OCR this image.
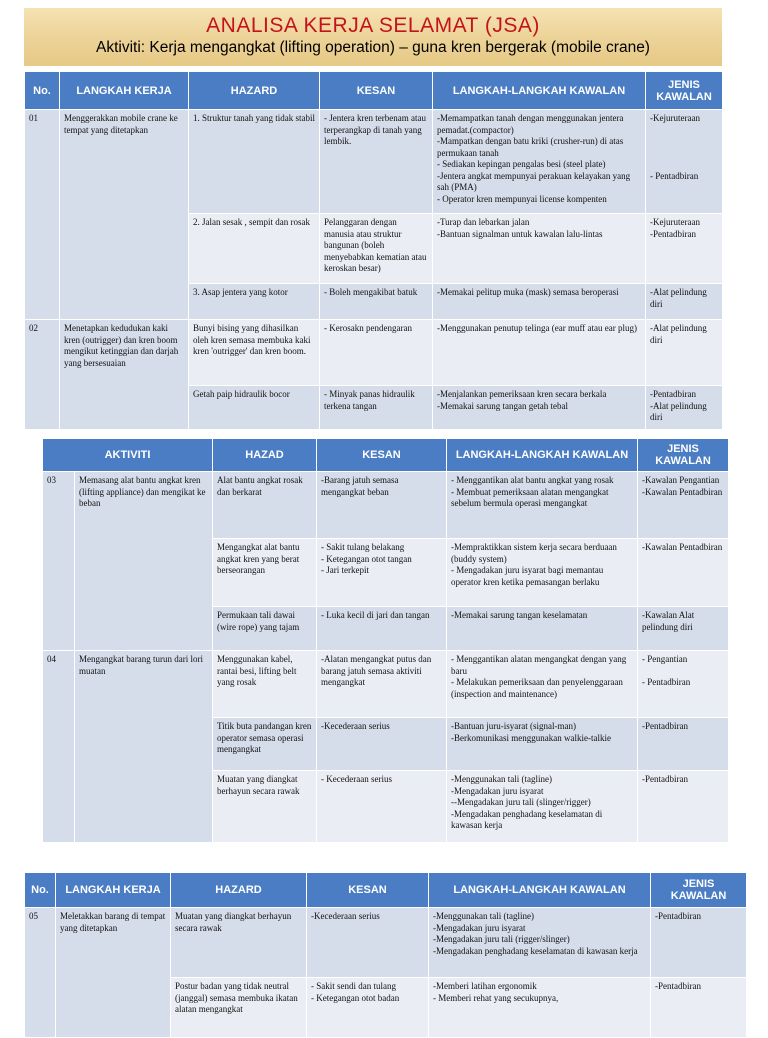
ANALISA KERJA SELAMAT (JSA)
Aktiviti: Kerja mengangkat (lifting operation) – guna kren bergerak (mobile crane)
No.	LANGKAH KERJA	HAZARD	KESAN	LANGKAH-LANGKAH KAWALAN	JENIS KAWALAN
01	Menggerakkan mobile crane ke tempat yang ditetapkan	1. Struktur tanah yang tidak stabil	- Jentera kren terbenam atau terperangkap di tanah yang lembik.	-Memampatkan tanah dengan menggunakan jentera pemadat.(compactor)
-Mampatkan dengan batu kriki (crusher-run) di atas permukaan tanah
- Sediakan kepingan pengalas besi (steel plate)
-Jentera angkat mempunyai perakuan kelayakan yang sah (PMA)
- Operator kren mempunyai license kompenten	-Kejuruteraan

- Pentadbiran
		2. Jalan sesak , sempit dan rosak	Pelanggaran dengan manusia atau struktur bangunan (boleh menyebabkan kematian atau keroskan besar)	-Turap dan lebarkan jalan
-Bantuan signalman untuk kawalan lalu-lintas	-Kejuruteraan
-Pentadbiran
		3. Asap jentera yang kotor	- Boleh mengakibat batuk	-Memakai pelitup muka (mask) semasa beroperasi	-Alat pelindung diri
02	Menetapkan kedudukan kaki kren (outrigger) dan kren boom mengikut ketinggian dan darjah yang bersesuaian	Bunyi bising yang dihasilkan oleh kren semasa membuka kaki kren 'outrigger' dan kren boom.	- Kerosakn pendengaran	-Menggunakan penutup telinga (ear muff atau ear plug)	-Alat pelindung diri
		Getah paip hidraulik bocor	- Minyak panas hidraulik terkena tangan	-Menjalankan pemeriksaan kren secara berkala
-Memakai sarung tangan getah tebal	-Pentadbiran
-Alat pelindung diri
AKTIVITI		HAZAD	KESAN	LANGKAH-LANGKAH KAWALAN	JENIS KAWALAN
03	Memasang alat bantu angkat kren (lifting appliance) dan mengikat ke beban	Alat bantu angkat rosak dan berkarat	-Barang jatuh semasa mengangkat beban	- Menggantikan alat bantu angkat yang rosak
- Membuat pemeriksaan alatan mengangkat sebelum bermula operasi mengangkat	-Kawalan Pengantian
-Kawalan Pentadbiran
		Mengangkat alat bantu angkat kren yang berat berseorangan	- Sakit tulang belakang
- Ketegangan otot tangan
- Jari terkepit	-Mempraktikkan sistem kerja secara berduaan (buddy system)
- Mengadakan juru isyarat bagi memantau operator kren ketika pemasangan berlaku	-Kawalan Pentadbiran
		Permukaan tali dawai (wire rope) yang tajam	- Luka kecil di jari dan tangan	-Memakai sarung tangan keselamatan	-Kawalan Alat pelindung diri
04	Mengangkat barang turun dari lori muatan	Menggunakan kabel, rantai besi, lifting belt yang rosak	-Alatan mengangkat putus dan barang jatuh semasa aktiviti mengangkat	- Menggantikan alatan mengangkat dengan yang baru
- Melakukan pemeriksaan dan penyelenggaraan (inspection and maintenance)	- Pengantian

- Pentadbiran
		Titik buta pandangan kren operator semasa operasi mengangkat	-Kecederaan serius	-Bantuan juru-isyarat (signal-man)
-Berkomunikasi menggunakan walkie-talkie	-Pentadbiran
		Muatan yang diangkat berhayun secara rawak	- Kecederaan serius	-Menggunakan tali (tagline)
-Mengadakan juru isyarat
--Mengadakan juru tali (slinger/rigger)
-Mengadakan penghadang keselamatan di kawasan kerja	-Pentadbiran
No.	LANGKAH KERJA	HAZARD	KESAN	LANGKAH-LANGKAH KAWALAN	JENIS KAWALAN
05	Meletakkan barang di tempat yang ditetapkan	Muatan yang diangkat berhayun secara rawak	-Kecederaan serius	-Menggunakan tali (tagline)
-Mengadakan juru isyarat
-Mengadakan juru tali (rigger/slinger)
-Mengadakan penghadang keselamatan di kawasan kerja	-Pentadbiran
		Postur badan yang tidak neutral (janggal) semasa membuka ikatan alatan mengangkat	- Sakit sendi dan tulang
- Ketegangan otot badan	-Memberi latihan ergonomik
- Memberi rehat yang secukupnya,	-Pentadbiran
